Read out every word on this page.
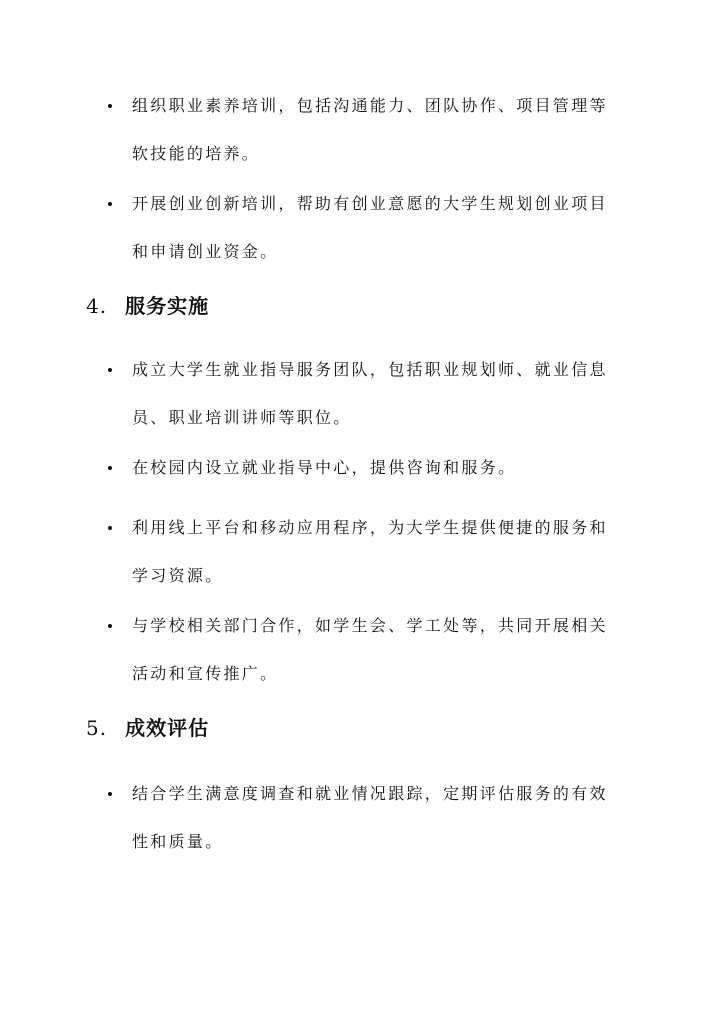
组织职业素养培训，包括沟通能力、团队协作、项目管理等软技能的培养。
开展创业创新培训，帮助有创业意愿的大学生规划创业项目和申请创业资金。
4. 服务实施
成立大学生就业指导服务团队，包括职业规划师、就业信息员、职业培训讲师等职位。
在校园内设立就业指导中心，提供咨询和服务。
利用线上平台和移动应用程序，为大学生提供便捷的服务和学习资源。
与学校相关部门合作，如学生会、学工处等，共同开展相关活动和宣传推广。
5. 成效评估
结合学生满意度调查和就业情况跟踪，定期评估服务的有效性和质量。
